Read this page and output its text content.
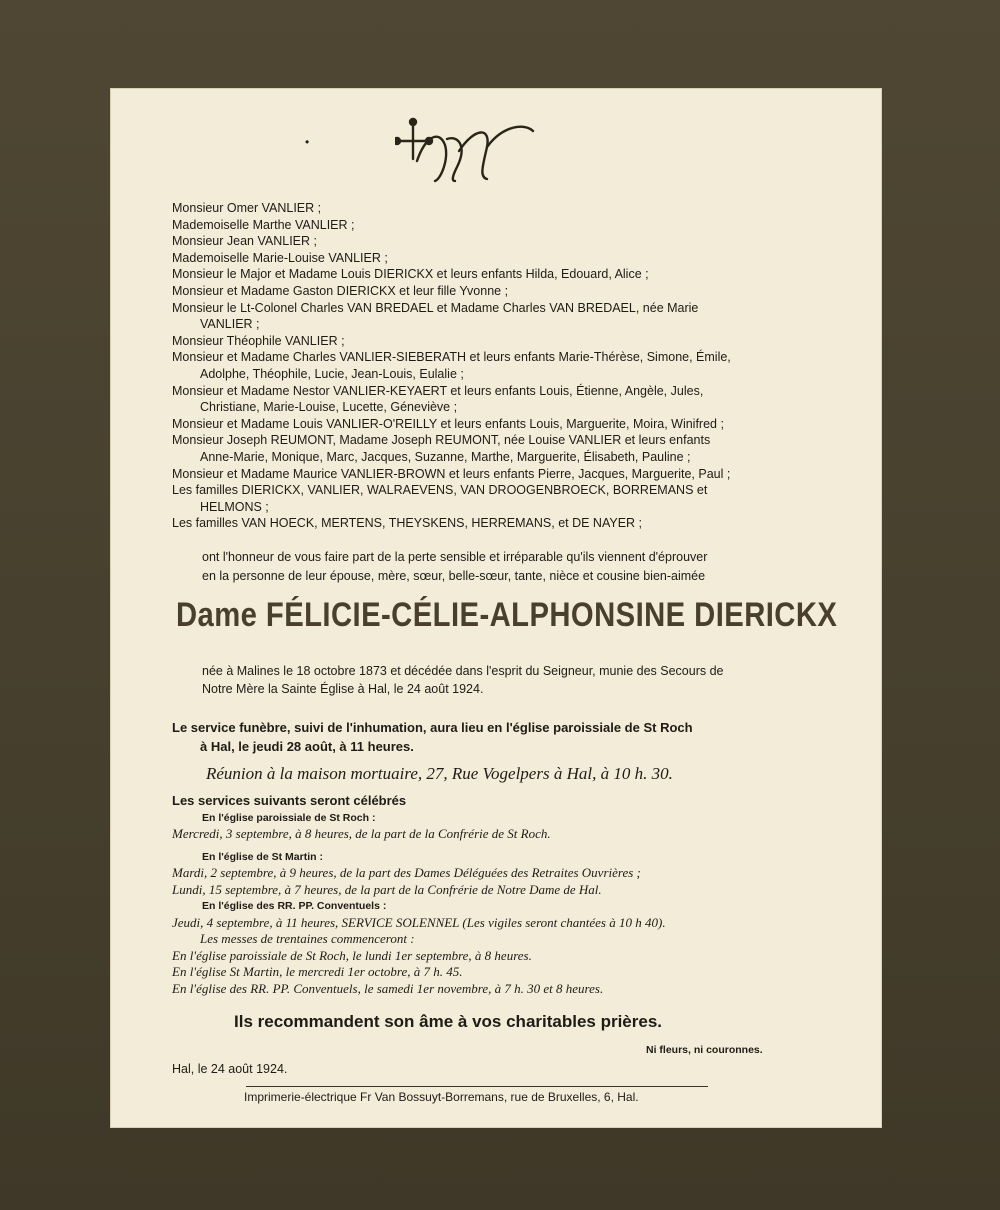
•
Monsieur Omer VANLIER ;
Mademoiselle Marthe VANLIER ;
Monsieur Jean VANLIER ;
Mademoiselle Marie-Louise VANLIER ;
Monsieur le Major et Madame Louis DIERICKX et leurs enfants Hilda, Edouard, Alice ;
Monsieur et Madame Gaston DIERICKX et leur fille Yvonne ;
Monsieur le Lt-Colonel Charles VAN BREDAEL et Madame Charles VAN BREDAEL, née Marie
VANLIER ;
Monsieur Théophile VANLIER ;
Monsieur et Madame Charles VANLIER-SIEBERATH et leurs enfants Marie-Thérèse, Simone, Émile,
Adolphe, Théophile, Lucie, Jean-Louis, Eulalie ;
Monsieur et Madame Nestor VANLIER-KEYAERT et leurs enfants Louis, Étienne, Angèle, Jules,
Christiane, Marie-Louise, Lucette, Géneviève ;
Monsieur et Madame Louis VANLIER-O'REILLY et leurs enfants Louis, Marguerite, Moira, Winifred ;
Monsieur Joseph REUMONT, Madame Joseph REUMONT, née Louise VANLIER et leurs enfants
Anne-Marie, Monique, Marc, Jacques, Suzanne, Marthe, Marguerite, Élisabeth, Pauline ;
Monsieur et Madame Maurice VANLIER-BROWN et leurs enfants Pierre, Jacques, Marguerite, Paul ;
Les familles DIERICKX, VANLIER, WALRAEVENS, VAN DROOGENBROECK, BORREMANS et
HELMONS ;
Les familles VAN HOECK, MERTENS, THEYSKENS, HERREMANS, et DE NAYER ;
ont l'honneur de vous faire part de la perte sensible et irréparable qu'ils viennent d'éprouver
en la personne de leur épouse, mère, sœur, belle-sœur, tante, nièce et cousine bien-aimée
Dame FÉLICIE-CÉLIE-ALPHONSINE DIERICKX
née à Malines le 18 octobre 1873 et décédée dans l'esprit du Seigneur, munie des Secours de
Notre Mère la Sainte Église à Hal, le 24 août 1924.
Le service funèbre, suivi de l'inhumation, aura lieu en l'église paroissiale de St Roch
à Hal, le jeudi 28 août, à 11 heures.
Réunion à la maison mortuaire, 27, Rue Vogelpers à Hal, à 10 h. 30.
Les services suivants seront célébrés
En l'église paroissiale de St Roch :
Mercredi, 3 septembre, à 8 heures, de la part de la Confrérie de St Roch.
En l'église de St Martin :
Mardi, 2 septembre, à 9 heures, de la part des Dames Déléguées des Retraites Ouvrières ;
Lundi, 15 septembre, à 7 heures, de la part de la Confrérie de Notre Dame de Hal.
En l'église des RR. PP. Conventuels :
Jeudi, 4 septembre, à 11 heures, SERVICE SOLENNEL (Les vigiles seront chantées à 10 h 40).
Les messes de trentaines commenceront :
En l'église paroissiale de St Roch, le lundi 1er septembre, à 8 heures.
En l'église St Martin, le mercredi 1er octobre, à 7 h. 45.
En l'église des RR. PP. Conventuels, le samedi 1er novembre, à 7 h. 30 et 8 heures.
Ils recommandent son âme à vos charitables prières.
Ni fleurs, ni couronnes.
Hal, le 24 août 1924.
Imprimerie-électrique Fr Van Bossuyt-Borremans, rue de Bruxelles, 6, Hal.
